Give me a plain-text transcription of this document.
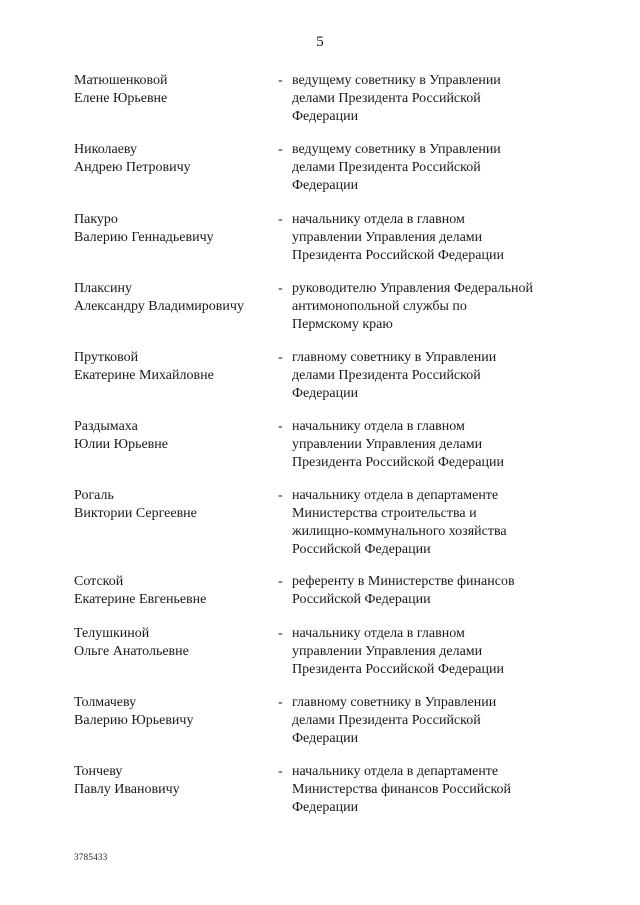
5
Матюшенковой
Елене Юрьевне
- ведущему советнику в Управлении
делами Президента Российской
Федерации
Николаеву
Андрею Петровичу
- ведущему советнику в Управлении
делами Президента Российской
Федерации
Пакуро
Валерию Геннадьевичу
- начальнику отдела в главном
управлении Управления делами
Президента Российской Федерации
Плаксину
Александру Владимировичу
- руководителю Управления Федеральной
антимонопольной службы по
Пермскому краю
Прутковой
Екатерине Михайловне
- главному советнику в Управлении
делами Президента Российской
Федерации
Раздымаха
Юлии Юрьевне
- начальнику отдела в главном
управлении Управления делами
Президента Российской Федерации
Рогаль
Виктории Сергеевне
- начальнику отдела в департаменте
Министерства строительства и
жилищно-коммунального хозяйства
Российской Федерации
Сотской
Екатерине Евгеньевне
- референту в Министерстве финансов
Российской Федерации
Телушкиной
Ольге Анатольевне
- начальнику отдела в главном
управлении Управления делами
Президента Российской Федерации
Толмачеву
Валерию Юрьевичу
- главному советнику в Управлении
делами Президента Российской
Федерации
Тончеву
Павлу Ивановичу
- начальнику отдела в департаменте
Министерства финансов Российской
Федерации
3785433
